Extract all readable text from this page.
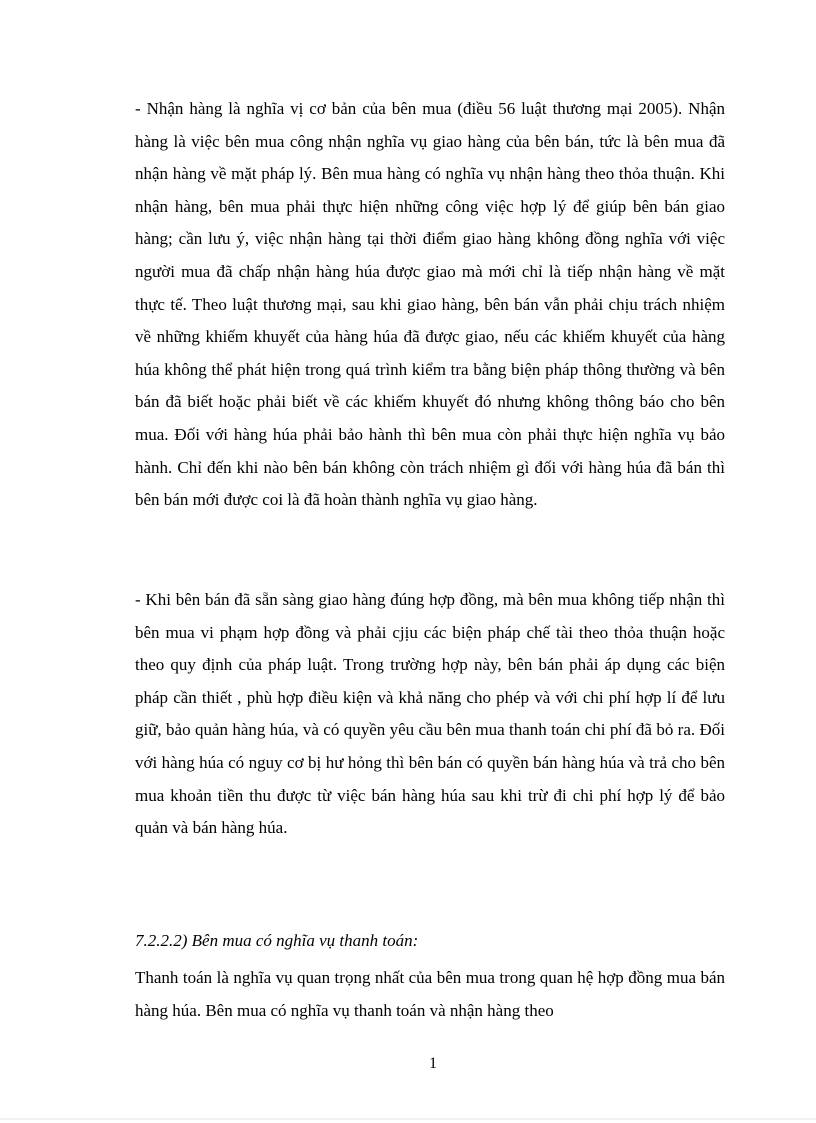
- Nhận hàng là nghĩa vị cơ bản của bên mua (điều 56 luật thương mại 2005). Nhận hàng là việc bên mua công nhận nghĩa vụ giao hàng của bên bán, tức là bên mua đã nhận hàng về mặt pháp lý. Bên mua hàng có nghĩa vụ nhận hàng theo thỏa thuận. Khi nhận hàng, bên mua phải thực hiện những công việc hợp lý để giúp bên bán giao hàng; cần lưu ý, việc nhận hàng tại thời điểm giao hàng không đồng nghĩa với việc người mua đã chấp nhận hàng húa được giao mà mới chỉ là tiếp nhận hàng về mặt thực tế. Theo luật thương mại, sau khi giao hàng, bên bán vẫn phải chịu trách nhiệm về những khiếm khuyết của hàng húa đã được giao, nếu các khiếm khuyết của hàng húa không thể phát hiện trong quá trình kiểm tra bằng biện pháp thông thường và bên bán đã biết hoặc phải biết về các khiếm khuyết đó nhưng không thông báo cho bên mua. Đối với hàng húa phải bảo hành thì bên mua còn phải thực hiện nghĩa vụ bảo hành. Chỉ đến khi nào bên bán không còn trách nhiệm gì đối với hàng húa đã bán thì bên bán mới được coi là đã hoàn thành nghĩa vụ giao hàng.

- Khi bên bán đã sẵn sàng giao hàng đúng hợp đồng, mà bên mua không tiếp nhận thì bên mua vi phạm hợp đồng và phải cjịu các biện pháp chế tài theo thỏa thuận hoặc theo quy định của pháp luật. Trong trường hợp này, bên bán phải áp dụng các biện pháp cần thiết , phù hợp điều kiện và khả năng cho phép và với chi phí hợp lí để lưu giữ, bảo quản hàng húa, và có quyền yêu cầu bên mua thanh toán chi phí đã bỏ ra. Đối với hàng húa có nguy cơ bị hư hỏng thì bên bán có quyền bán hàng húa và trả cho bên mua khoản tiền thu được từ việc bán hàng húa sau khi trừ đi chi phí hợp lý để bảo quản và bán hàng húa.

7.2.2.2) Bên mua có nghĩa vụ thanh toán:

Thanh toán là nghĩa vụ quan trọng nhất của bên mua trong quan hệ hợp đồng mua bán hàng húa. Bên mua có nghĩa vụ thanh toán và nhận hàng theo

1
